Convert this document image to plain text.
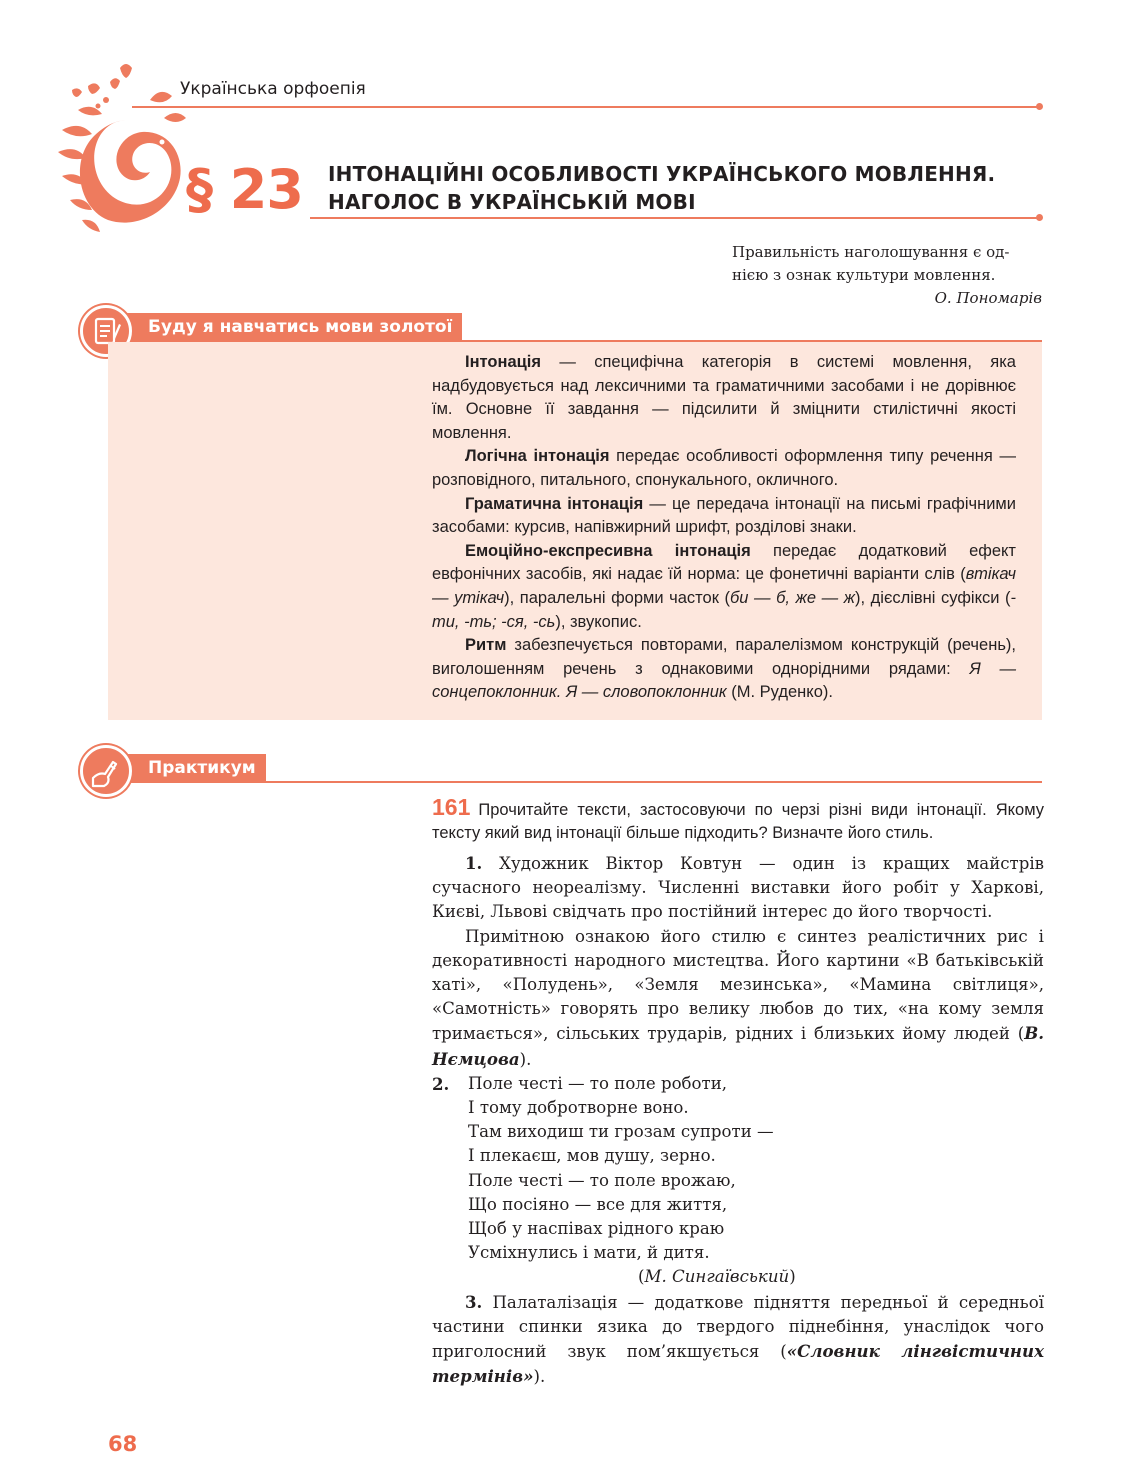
Українська орфоепія
§ 23 ІНТОНАЦІЙНІ ОСОБЛИВОСТІ УКРАЇНСЬКОГО МОВЛЕННЯ.
НАГОЛОС В УКРАЇНСЬКІЙ МОВІ
Правильність наголошування є од-
нією з ознак культури мовлення.
О. Пономарів
Буду я навчатись мови золотої

Інтонація — специфічна категорія в системі мовлення, яка надбудовується над лексичними та граматичними засобами і не дорівнює їм. Основне її завдання — підсилити й зміцнити стилістичні якості мовлення.

Логічна інтонація передає особливості оформлення типу речення — розповідного, питального, спонукального, окличного.

Граматична інтонація — це передача інтонації на письмі графічними засобами: курсив, напівжирний шрифт, розділові знаки.

Емоційно-експресивна інтонація передає додатковий ефект евфонічних засобів, які надає їй норма: це фонетичні варіанти слів (втікач — утікач), паралельні форми часток (би — б, же — ж), дієслівні суфікси (-ти, -ть; -ся, -сь), звукопис.

Ритм забезпечується повторами, паралелізмом конструкцій (речень), виголошенням речень з однаковими однорідними рядами: Я — сонцепоклонник. Я — словопоклонник (М. Руденко).

Практикум
161 Прочитайте тексти, застосовуючи по черзі різні види інтонації. Якому тексту який вид інтонації більше підходить? Визначте його стиль.

1. Художник Віктор Ковтун — один із кращих майстрів сучасного неореалізму. Численні виставки його робіт у Харкові, Києві, Львові свідчать про постійний інтерес до його творчості.

Примітною ознакою його стилю є синтез реалістичних рис і декоративності народного мистецтва. Його картини «В батьківській хаті», «Полудень», «Земля мезинська», «Мамина світлиця», «Самотність» говорять про велику любов до тих, «на кому земля тримається», сільських трударів, рідних і близьких йому людей (В. Нємцова).

2. Поле честі — то поле роботи,
І тому добротворне воно.
Там виходиш ти грозам супроти —
І плекаєш, мов душу, зерно.
Поле честі — то поле врожаю,
Що посіяно — все для життя,
Щоб у наспівах рідного краю
Усміхнулись і мати, й дитя.
(М. Сингаївський)

3. Палаталізація — додаткове підняття передньої й середньої частини спинки язика до твердого піднебіння, унаслідок чого приголосний звук пом’якшується («Словник лінгвістичних термінів»).

68
